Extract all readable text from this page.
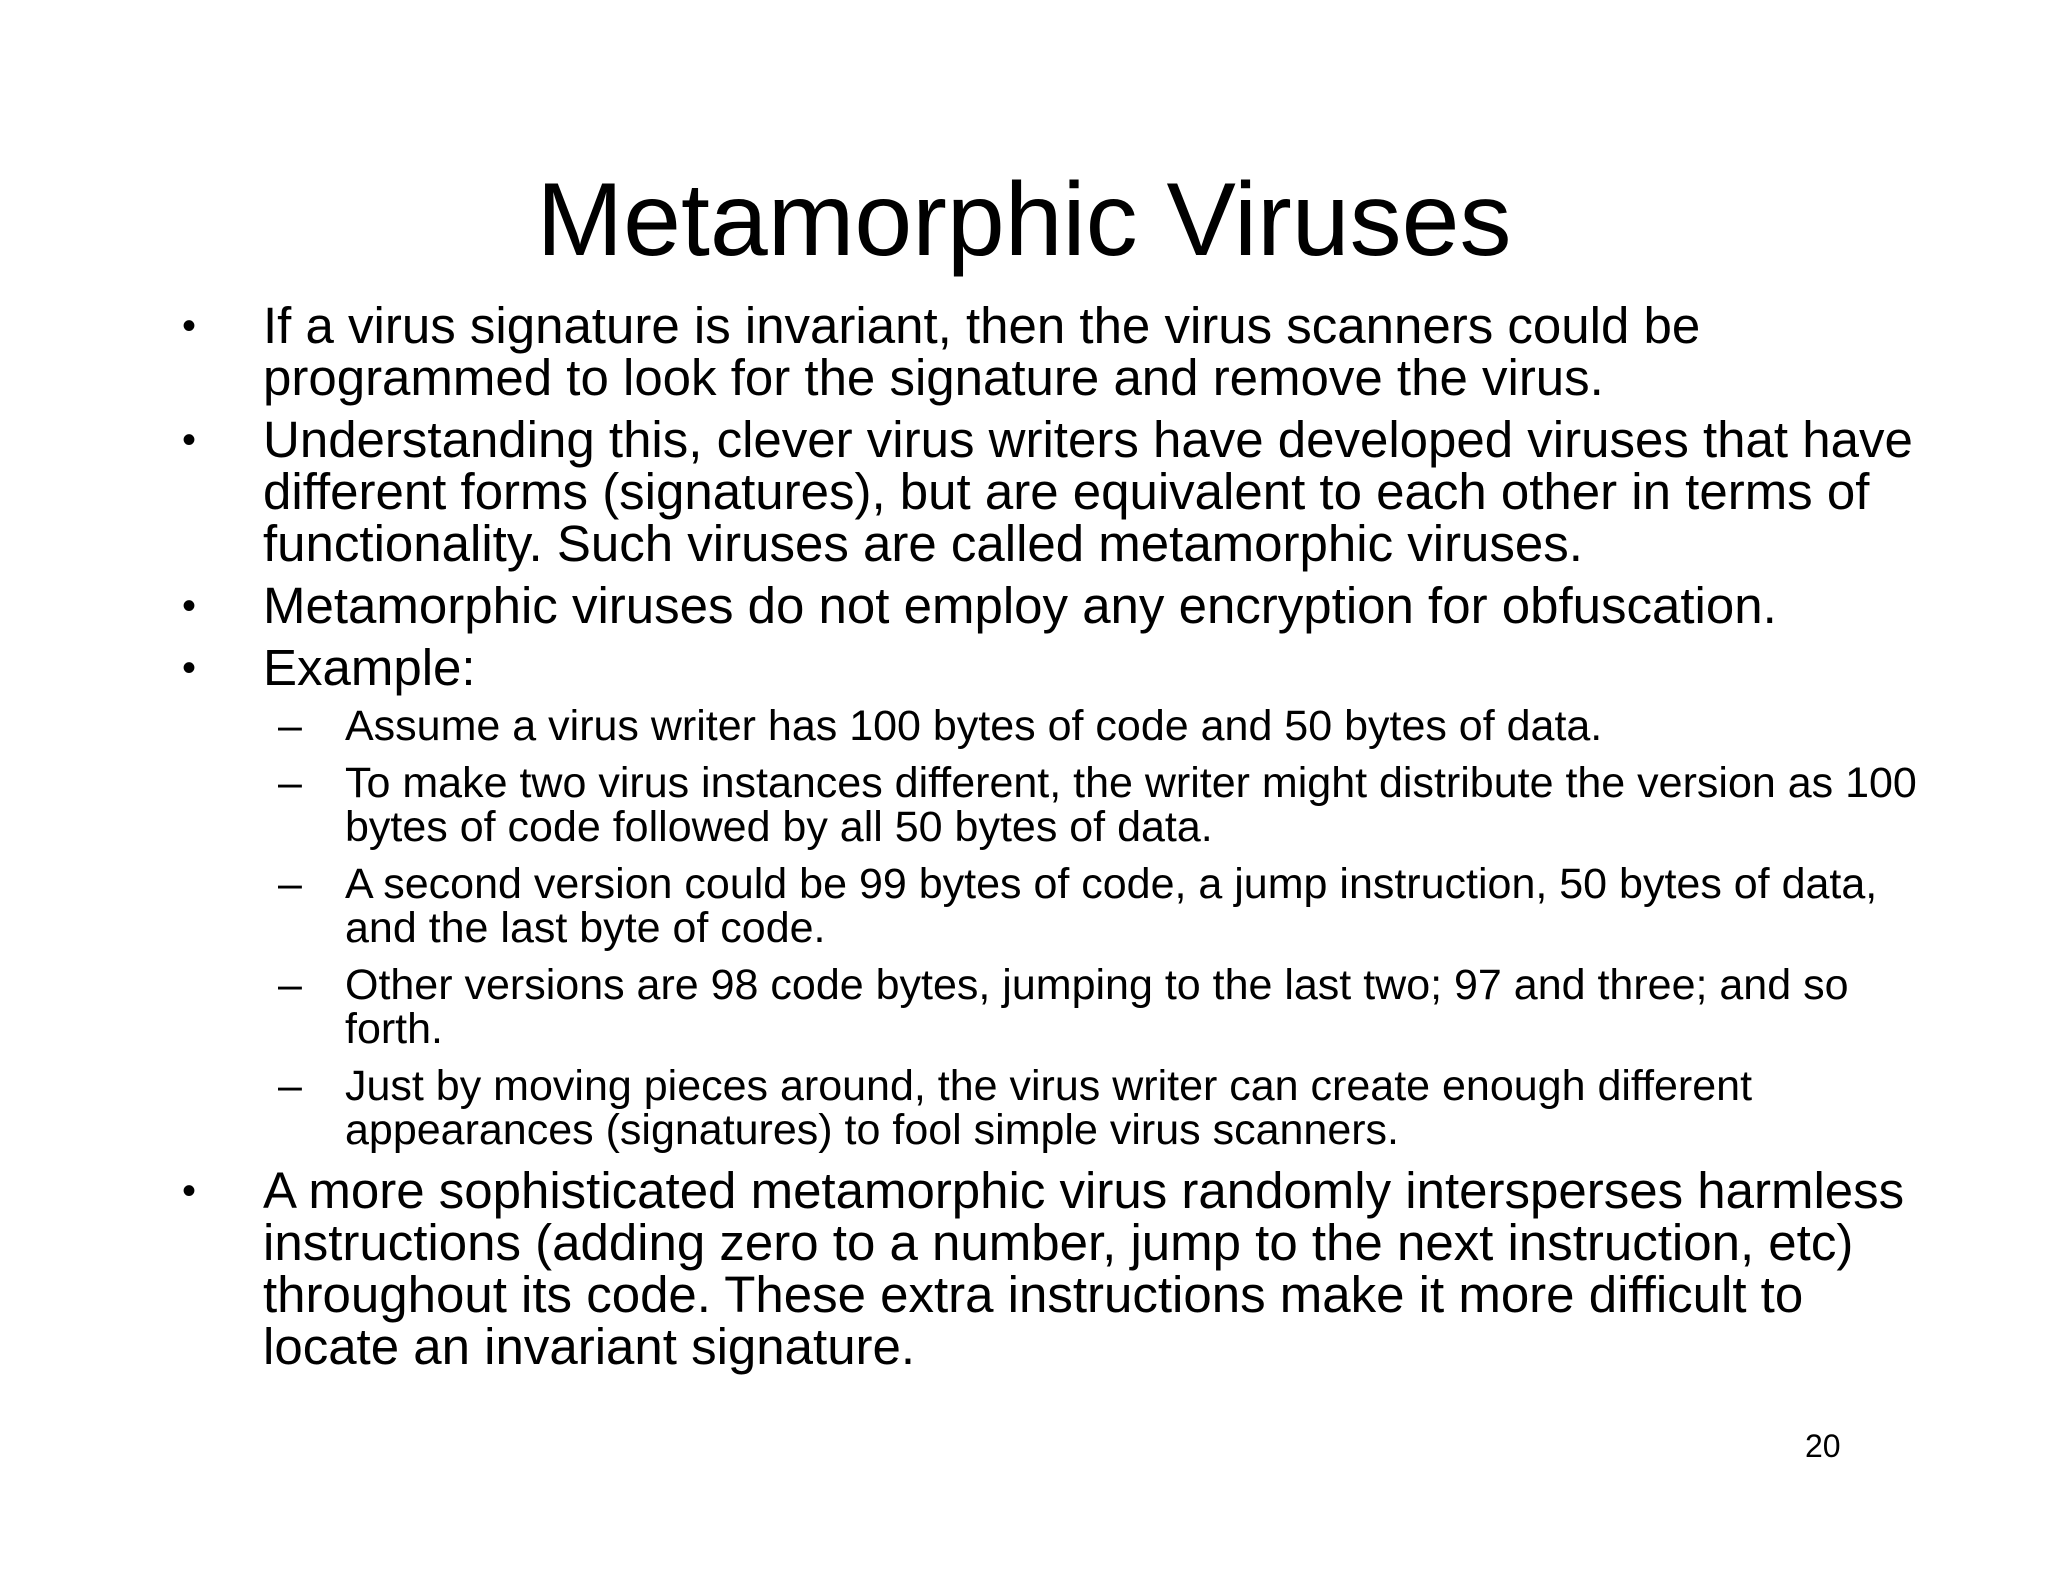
Metamorphic Viruses
• If a virus signature is invariant, then the virus scanners could be programmed to look for the signature and remove the virus.
• Understanding this, clever virus writers have developed viruses that have different forms (signatures), but are equivalent to each other in terms of functionality. Such viruses are called metamorphic viruses.
• Metamorphic viruses do not employ any encryption for obfuscation.
• Example:
– Assume a virus writer has 100 bytes of code and 50 bytes of data.
– To make two virus instances different, the writer might distribute the version as 100 bytes of code followed by all 50 bytes of data.
– A second version could be 99 bytes of code, a jump instruction, 50 bytes of data, and the last byte of code.
– Other versions are 98 code bytes, jumping to the last two; 97 and three; and so forth.
– Just by moving pieces around, the virus writer can create enough different appearances (signatures) to fool simple virus scanners.
• A more sophisticated metamorphic virus randomly intersperses harmless instructions (adding zero to a number, jump to the next instruction, etc) throughout its code. These extra instructions make it more difficult to locate an invariant signature.
20
